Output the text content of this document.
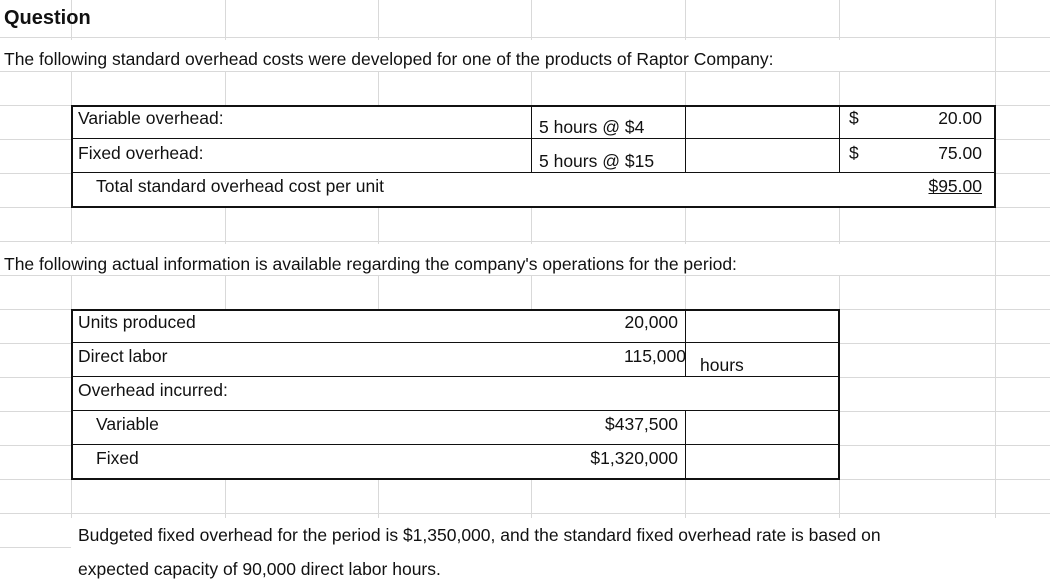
Question
The following standard overhead costs were developed for one of the products of Raptor Company:
Variable overhead:	5 hours @ $4	$	20.00
Fixed overhead:	5 hours @ $15	$	75.00
Total standard overhead cost per unit	$95.00
The following actual information is available regarding the company's operations for the period:
Units produced	20,000
Direct labor	115,000 hours
Overhead incurred:
Variable	$437,500
Fixed	$1,320,000
Budgeted fixed overhead for the period is $1,350,000, and the standard fixed overhead rate is based on
expected capacity of 90,000 direct labor hours.
